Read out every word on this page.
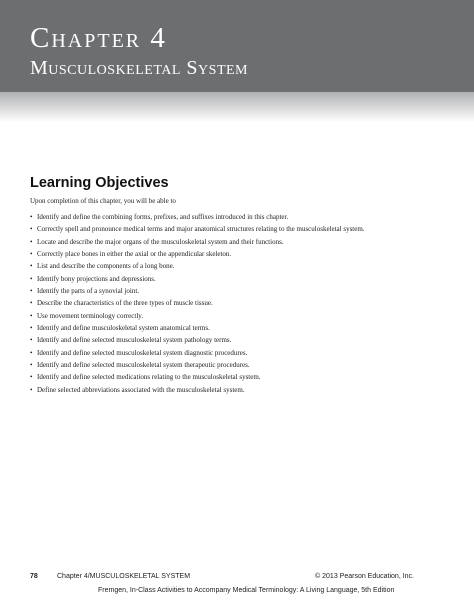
Chapter 4
Musculoskeletal System
Learning Objectives
Upon completion of this chapter, you will be able to
• Identify and define the combining forms, prefixes, and suffixes introduced in this chapter.
• Correctly spell and pronounce medical terms and major anatomical structures relating to the musculoskeletal system.
• Locate and describe the major organs of the musculoskeletal system and their functions.
• Correctly place bones in either the axial or the appendicular skeleton.
• List and describe the components of a long bone.
• Identify bony projections and depressions.
• Identify the parts of a synovial joint.
• Describe the characteristics of the three types of muscle tissue.
• Use movement terminology correctly.
• Identify and define musculoskeletal system anatomical terms.
• Identify and define selected musculoskeletal system pathology terms.
• Identify and define selected musculoskeletal system diagnostic procedures.
• Identify and define selected musculoskeletal system therapeutic procedures.
• Identify and define selected medications relating to the musculoskeletal system.
• Define selected abbreviations associated with the musculoskeletal system.
78	Chapter 4/MUSCULOSKELETAL SYSTEM	© 2013 Pearson Education, Inc.
Fremgen, In-Class Activities to Accompany Medical Terminology: A Living Language, 5th Edition
